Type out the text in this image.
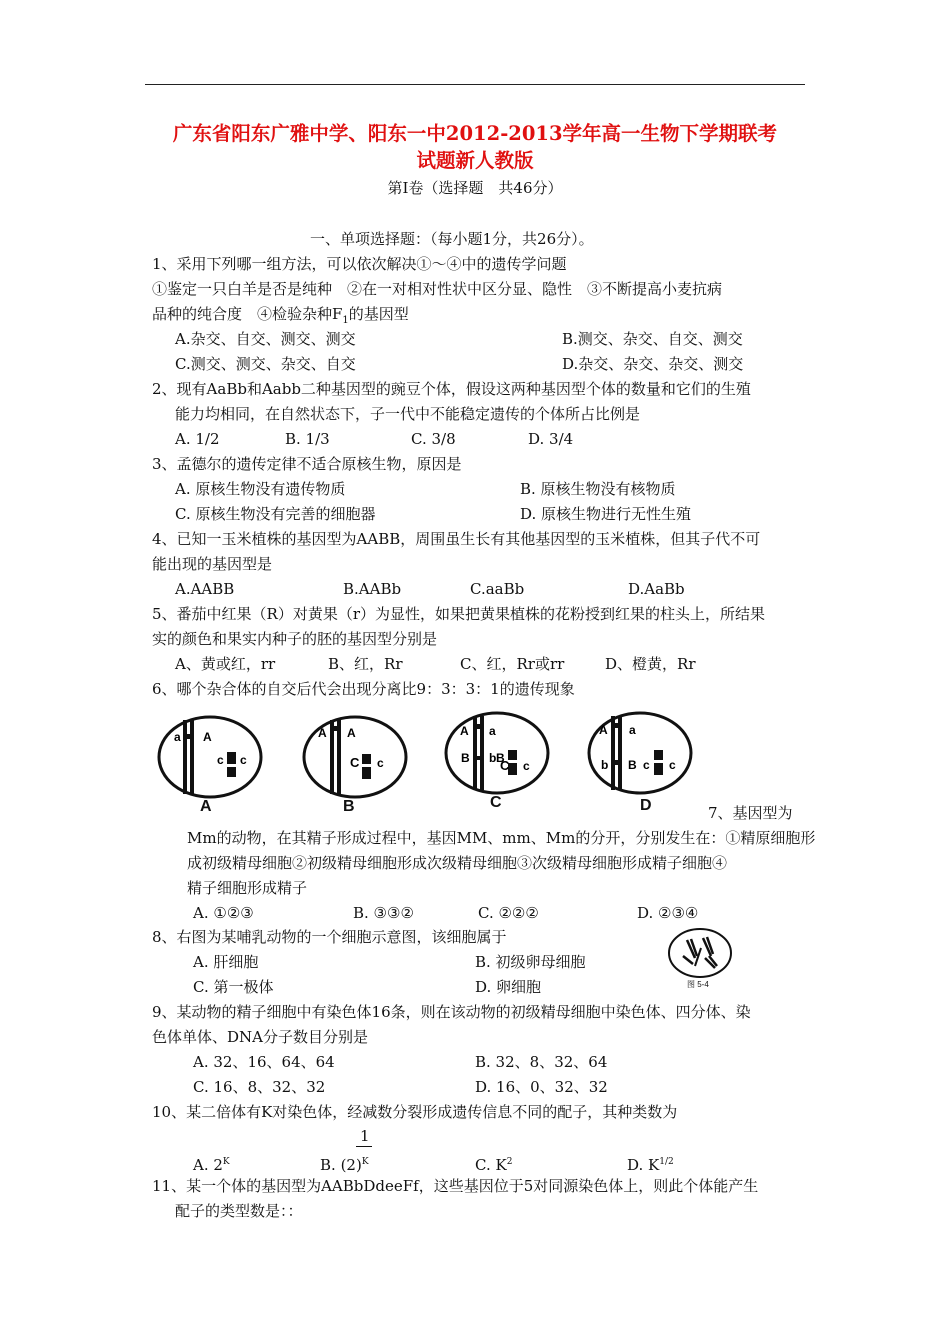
广东省阳东广雅中学、阳东一中2012-2013学年高一生物下学期联考
试题新人教版
第Ⅰ卷（选择题　共46分）
一、单项选择题：（每小题1分，共26分）。
1、采用下列哪一组方法，可以依次解决①～④中的遗传学问题
①鉴定一只白羊是否是纯种　②在一对相对性状中区分显、隐性　③不断提高小麦抗病
品种的纯合度　④检验杂种$F_1$的基因型
A.杂交、自交、测交、测交	B.测交、杂交、自交、测交
C.测交、测交、杂交、自交	D.杂交、杂交、杂交、测交
2、现有AaBb和Aabb二种基因型的豌豆个体，假设这两种基因型个体的数量和它们的生殖
能力均相同，在自然状态下，子一代中不能稳定遗传的个体所占比例是
A. 1/2	B. 1/3	C. 3/8	D. 3/4
3、孟德尔的遗传定律不适合原核生物，原因是
A. 原核生物没有遗传物质	B. 原核生物没有核物质
C. 原核生物没有完善的细胞器	D. 原核生物进行无性生殖
4、已知一玉米植株的基因型为AABB，周围虽生长有其他基因型的玉米植株，但其子代不可
能出现的基因型是
A.AABB	B.AABb	C.aaBb	D.AaBb
5、番茄中红果（R）对黄果（r）为显性，如果把黄果植株的花粉授到红果的柱头上，所结果
实的颜色和果实内种子的胚的基因型分别是
A、黄或红，rr	B、红，Rr	C、红，Rr或rr	D、橙黄，Rr
6、哪个杂合体的自交后代会出现分离比9：3：3：1的遗传现象
a A
c c
A
A A
C c
B
A a
B b B
C c
C
A a
b B c c
D	7、基因型为
Mm的动物，在其精子形成过程中，基因MM、mm、Mm的分开，分别发生在：①精原细胞形
成初级精母细胞②初级精母细胞形成次级精母细胞③次级精母细胞形成精子细胞④
精子细胞形成精子
A. ①②③	B. ③③②	C. ②②②	D. ②③④
8、右图为某哺乳动物的一个细胞示意图，该细胞属于
A. 肝细胞	B. 初级卵母细胞
C. 第一极体	D. 卵细胞	图 5-4
9、某动物的精子细胞中有染色体16条，则在该动物的初级精母细胞中染色体、四分体、染
色体单体、DNA分子数目分别是
A. 32、16、64、64	B. 32、8、32、64
C. 16、8、32、32	D. 16、0、32、32
10、某二倍体有K对染色体，经减数分裂形成遗传信息不同的配子，其种类数为
A. $2^K$	B. $(2)^K$
1
C. $K^2$	D. $K^{1/2}$
11、某一个体的基因型为AABbDdeeFf，这些基因位于5对同源染色体上，则此个体能产生
配子的类型数是：：
